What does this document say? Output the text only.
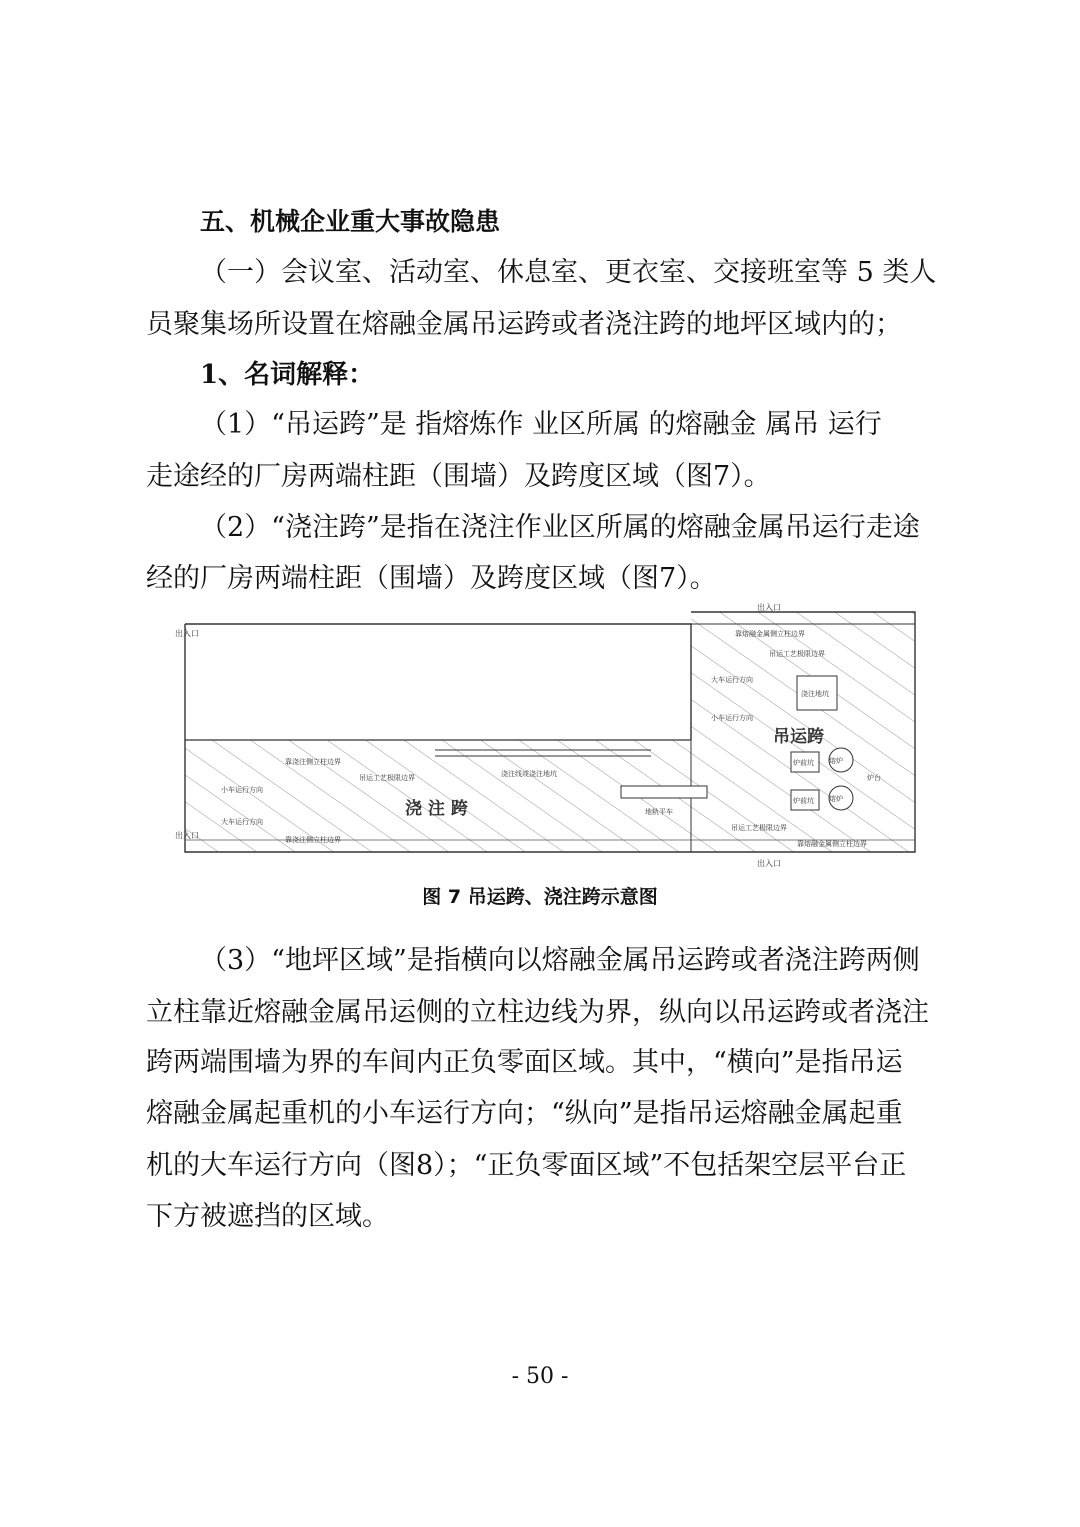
五、机械企业重大事故隐患
（一）会议室、活动室、休息室、更衣室、交接班室等 5 类人
员聚集场所设置在熔融金属吊运跨或者浇注跨的地坪区域内的；
1、名词解释：
（1）“吊运跨”是 指熔炼作 业区所属 的熔融金 属吊 运行
走途经的厂房两端柱距（围墙）及跨度区域（图7）。
（2）“浇注跨”是指在浇注作业区所属的熔融金属吊运行走途
经的厂房两端柱距（围墙）及跨度区域（图7）。
出入口
出入口
出入口
出入口
吊运跨
浇 注 跨
熔炉
熔炉
炉前坑
炉前坑
炉台
浇注地坑
浇注线或浇注地坑
地轨平车
小车运行方向
大车运行方向
大车运行方向
小车运行方向
吊运工艺极限边界
吊运工艺极限边界
吊运工艺极限边界
靠浇注侧立柱边界
靠浇注侧立柱边界
靠熔融金属侧立柱边界
靠熔融金属侧立柱边界
图 7 吊运跨、浇注跨示意图
（3）“地坪区域”是指横向以熔融金属吊运跨或者浇注跨两侧
立柱靠近熔融金属吊运侧的立柱边线为界，纵向以吊运跨或者浇注
跨两端围墙为界的车间内正负零面区域。其中，“横向”是指吊运
熔融金属起重机的小车运行方向；“纵向”是指吊运熔融金属起重
机的大车运行方向（图8）；“正负零面区域”不包括架空层平台正
下方被遮挡的区域。
- 50 -
